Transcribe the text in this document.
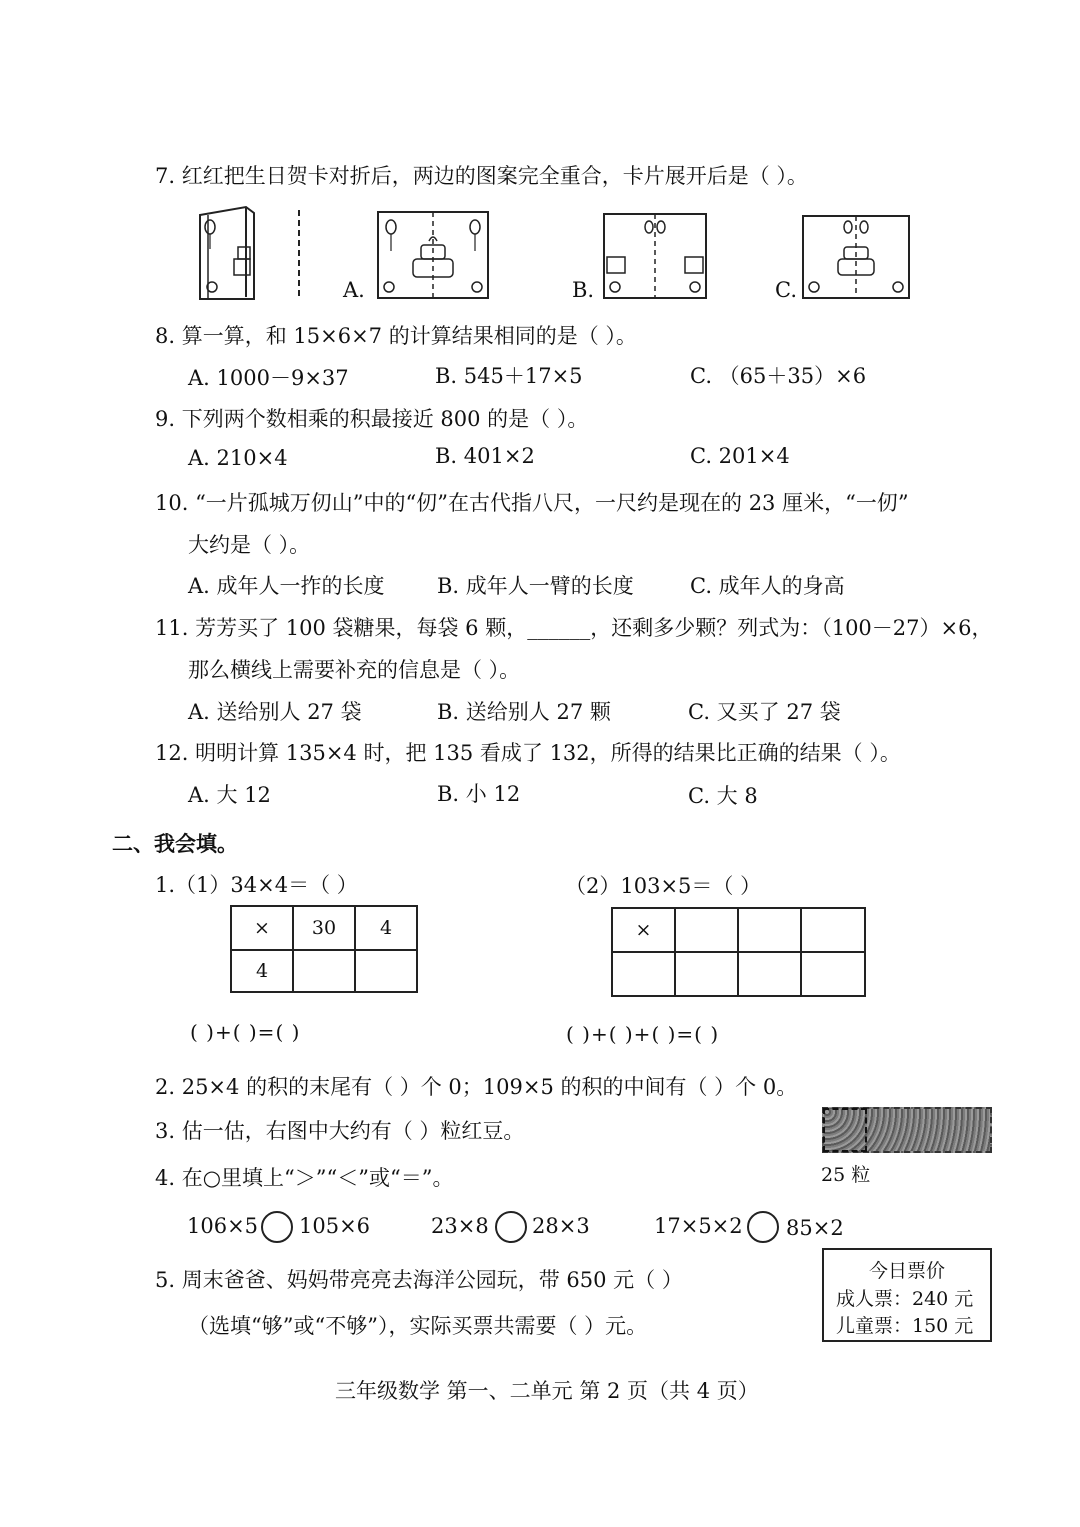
7. 红红把生日贺卡对折后，两边的图案完全重合，卡片展开后是（ ）。
A.	B.	C.
8. 算一算，和 15×6×7 的计算结果相同的是（ ）。
A. 1000－9×37	B. 545＋17×5	C. （65＋35）×6
9. 下列两个数相乘的积最接近 800 的是（ ）。
A. 210×4	B. 401×2	C. 201×4
10. “一片孤城万仞山”中的“仞”在古代指八尺，一尺约是现在的 23 厘米，“一仞”
大约是（ ）。
A. 成年人一拃的长度 B. 成年人一臂的长度	C. 成年人的身高
11. 芳芳买了 100 袋糖果，每袋 6 颗，______，还剩多少颗？列式为：（100－27）×6，
那么横线上需要补充的信息是（ ）。
A. 送给别人 27 袋	B. 送给别人 27 颗	C. 又买了 27 袋
12. 明明计算 135×4 时，把 135 看成了 132，所得的结果比正确的结果（ ）。
A. 大 12	B. 小 12	C. 大 8
二、我会填。
1.（1）34×4＝（ ）	（2）103×5＝（ ）
×	30	4
4
×
( )+( )=( )	( )+( )+( )=( )
2. 25×4 的积的末尾有（ ）个 0；109×5 的积的中间有（ ）个 0。
3. 估一估，右图中大约有（ ）粒红豆。
25 粒
4. 在○里填上“＞”“＜”或“＝”。
106×5 105×6	23×8 28×3	17×5×2 85×2
5. 周末爸爸、妈妈带亮亮去海洋公园玩，带 650 元（ ）
（选填“够”或“不够”），实际买票共需要（ ）元。
今日票价
成人票：240 元
儿童票：150 元
三年级数学 第一、二单元 第 2 页（共 4 页）
